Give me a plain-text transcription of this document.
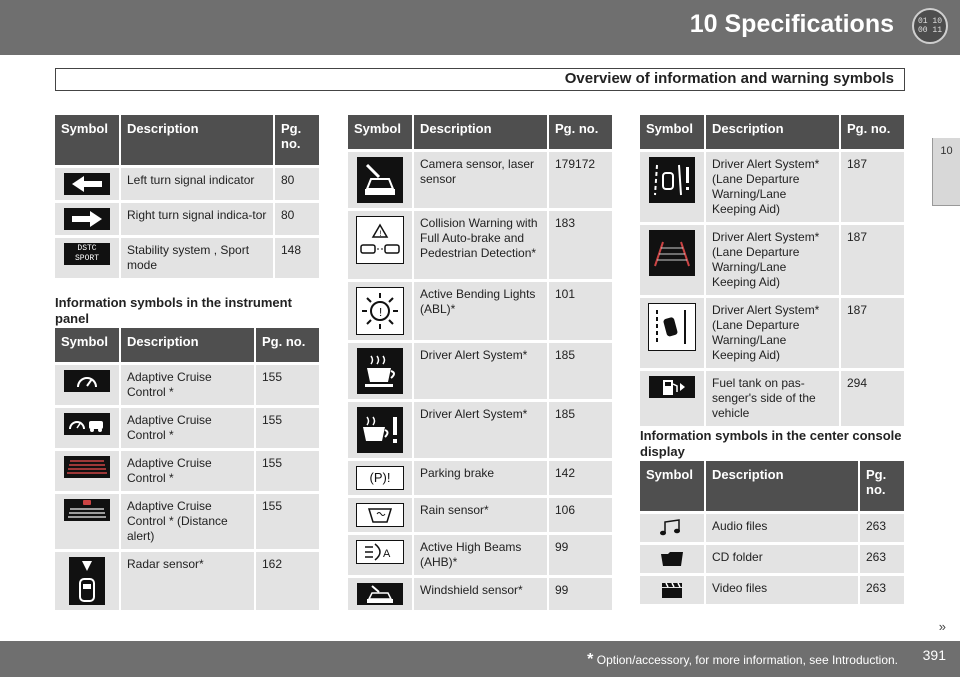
10 Specifications	01 10 00 11
Overview of information and warning symbols
10
Symbol	Description	Pg. no.

	Left turn signal indicator	80

	Right turn signal indica-tor	80

DSTC SPORT	Stability system , Sport mode	148
Information symbols in the instrument panel
Symbol	Description	Pg. no.

	Adaptive Cruise Control *	155

	Adaptive Cruise Control *	155

	Adaptive Cruise Control *	155

	Adaptive Cruise Control * (Distance alert)	155

	Radar sensor*	162
Symbol	Description	Pg. no.

	Camera sensor, laser sensor	179172

!	Collision Warning with Full Auto-brake and Pedestrian Detection*	183

!	Active Bending Lights (ABL)*	101

	Driver Alert System*	185

	Driver Alert System*	185

(P)!	Parking brake	142

	Rain sensor*	106

A	Active High Beams (AHB)*	99

	Windshield sensor*	99
Symbol	Description	Pg. no.

	Driver Alert System* (Lane Departure Warning/Lane Keeping Aid)	187

	Driver Alert System* (Lane Departure Warning/Lane Keeping Aid)	187

	Driver Alert System* (Lane Departure Warning/Lane Keeping Aid)	187

	Fuel tank on pas-senger's side of the vehicle	294
Information symbols in the center console display
Symbol	Description	Pg. no.

	Audio files	263

	CD folder	263

	Video files	263
»
* Option/accessory, for more information, see Introduction. 391
